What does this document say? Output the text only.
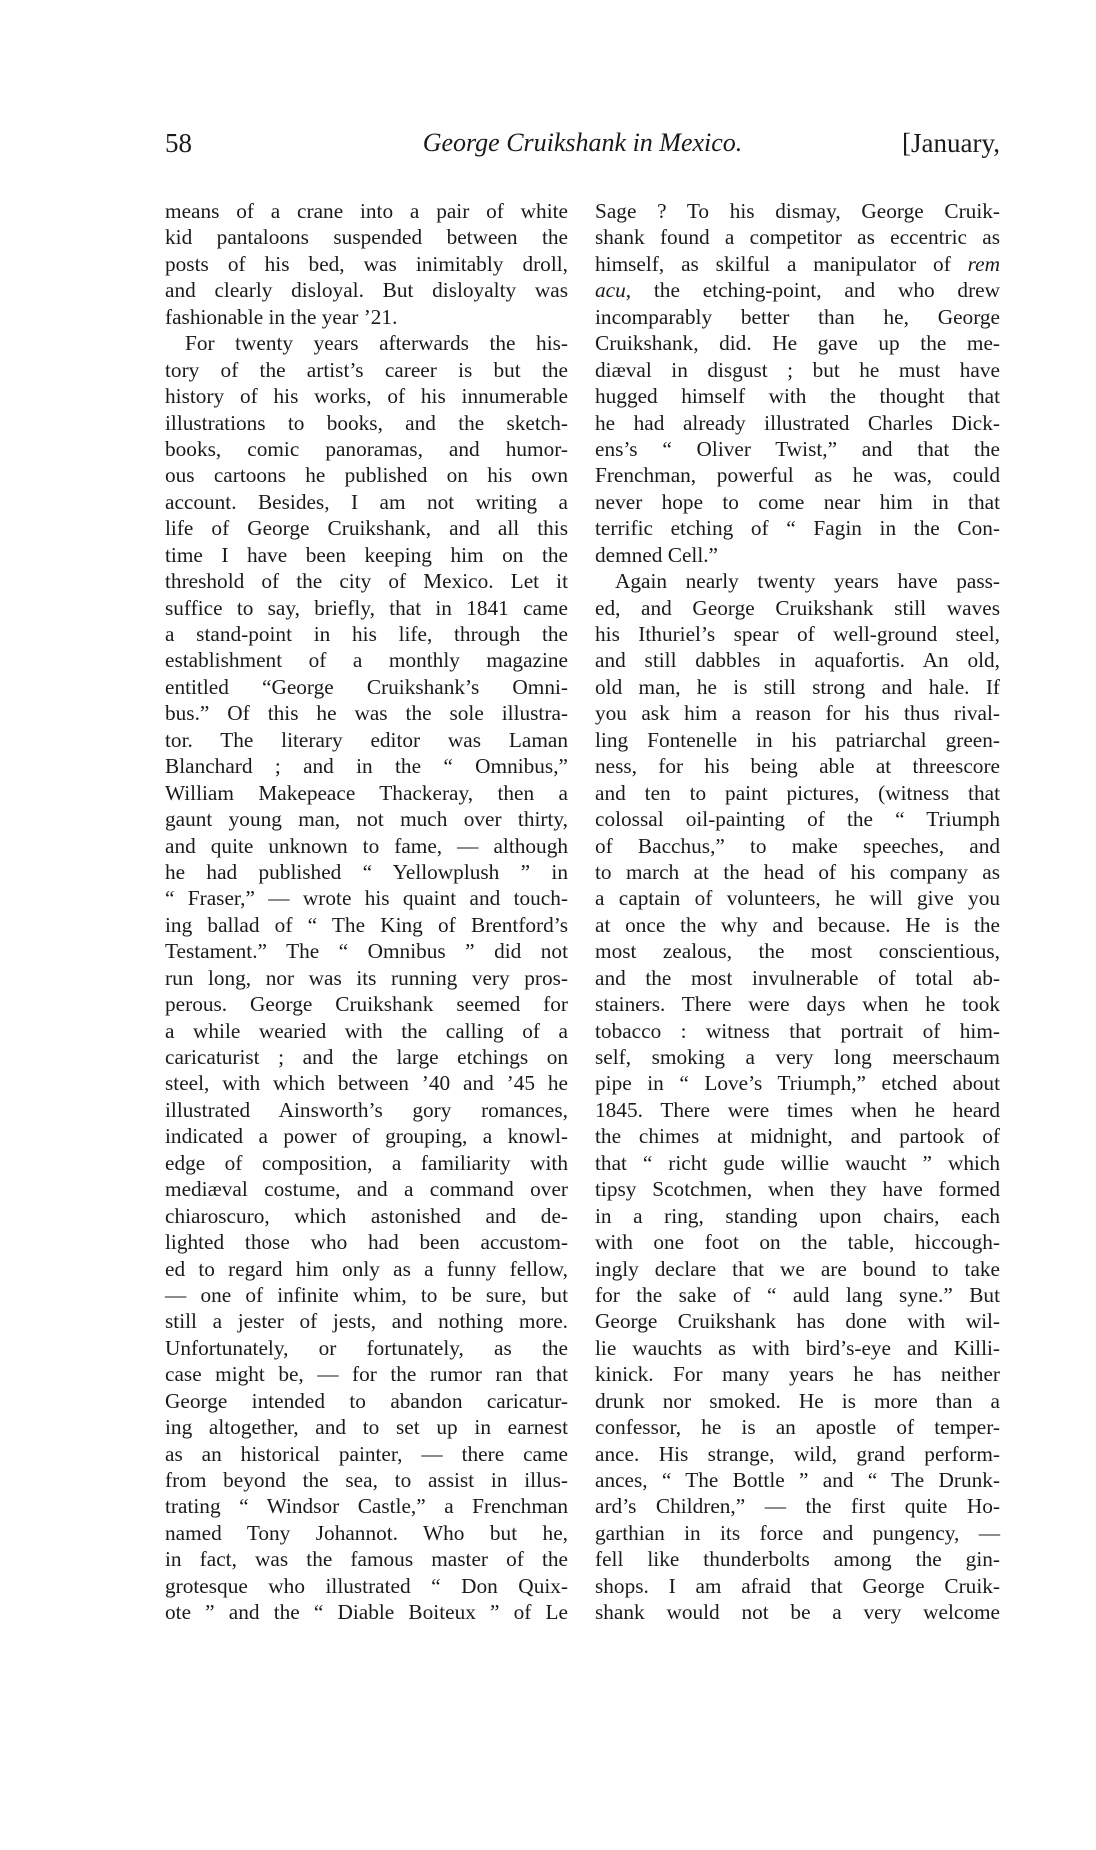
58	George Cruikshank in Mexico.	[January,
means of a crane into a pair of white
kid pantaloons suspended between the
posts of his bed, was inimitably droll,
and clearly disloyal. But disloyalty was
fashionable in the year ’21.
For twenty years afterwards the his-
tory of the artist’s career is but the
history of his works, of his innumerable
illustrations to books, and the sketch-
books, comic panoramas, and humor-
ous cartoons he published on his own
account. Besides, I am not writing a
life of George Cruikshank, and all this
time I have been keeping him on the
threshold of the city of Mexico. Let it
suffice to say, briefly, that in 1841 came
a stand-point in his life, through the
establishment of a monthly magazine
entitled “George Cruikshank’s Omni-
bus.” Of this he was the sole illustra-
tor. The literary editor was Laman
Blanchard ; and in the “ Omnibus,”
William Makepeace Thackeray, then a
gaunt young man, not much over thirty,
and quite unknown to fame, — although
he had published “ Yellowplush ” in
“ Fraser,” — wrote his quaint and touch-
ing ballad of “ The King of Brentford’s
Testament.” The “ Omnibus ” did not
run long, nor was its running very pros-
perous. George Cruikshank seemed for
a while wearied with the calling of a
caricaturist ; and the large etchings on
steel, with which between ’40 and ’45 he
illustrated Ainsworth’s gory romances,
indicated a power of grouping, a knowl-
edge of composition, a familiarity with
mediæval costume, and a command over
chiaroscuro, which astonished and de-
lighted those who had been accustom-
ed to regard him only as a funny fellow,
— one of infinite whim, to be sure, but
still a jester of jests, and nothing more.
Unfortunately, or fortunately, as the
case might be, — for the rumor ran that
George intended to abandon caricatur-
ing altogether, and to set up in earnest
as an historical painter, — there came
from beyond the sea, to assist in illus-
trating “ Windsor Castle,” a Frenchman
named Tony Johannot. Who but he,
in fact, was the famous master of the
grotesque who illustrated “ Don Quix-
ote ” and the “ Diable Boiteux ” of Le
Sage ? To his dismay, George Cruik-
shank found a competitor as eccentric as
himself, as skilful a manipulator of rem
acu, the etching-point, and who drew
incomparably better than he, George
Cruikshank, did. He gave up the me-
diæval in disgust ; but he must have
hugged himself with the thought that
he had already illustrated Charles Dick-
ens’s “ Oliver Twist,” and that the
Frenchman, powerful as he was, could
never hope to come near him in that
terrific etching of “ Fagin in the Con-
demned Cell.”
Again nearly twenty years have pass-
ed, and George Cruikshank still waves
his Ithuriel’s spear of well-ground steel,
and still dabbles in aquafortis. An old,
old man, he is still strong and hale. If
you ask him a reason for his thus rival-
ling Fontenelle in his patriarchal green-
ness, for his being able at threescore
and ten to paint pictures, (witness that
colossal oil-painting of the “ Triumph
of Bacchus,” to make speeches, and
to march at the head of his company as
a captain of volunteers, he will give you
at once the why and because. He is the
most zealous, the most conscientious,
and the most invulnerable of total ab-
stainers. There were days when he took
tobacco : witness that portrait of him-
self, smoking a very long meerschaum
pipe in “ Love’s Triumph,” etched about
1845. There were times when he heard
the chimes at midnight, and partook of
that “ richt gude willie waucht ” which
tipsy Scotchmen, when they have formed
in a ring, standing upon chairs, each
with one foot on the table, hiccough-
ingly declare that we are bound to take
for the sake of “ auld lang syne.” But
George Cruikshank has done with wil-
lie wauchts as with bird’s-eye and Killi-
kinick. For many years he has neither
drunk nor smoked. He is more than a
confessor, he is an apostle of temper-
ance. His strange, wild, grand perform-
ances, “ The Bottle ” and “ The Drunk-
ard’s Children,” — the first quite Ho-
garthian in its force and pungency, —
fell like thunderbolts among the gin-
shops. I am afraid that George Cruik-
shank would not be a very welcome
